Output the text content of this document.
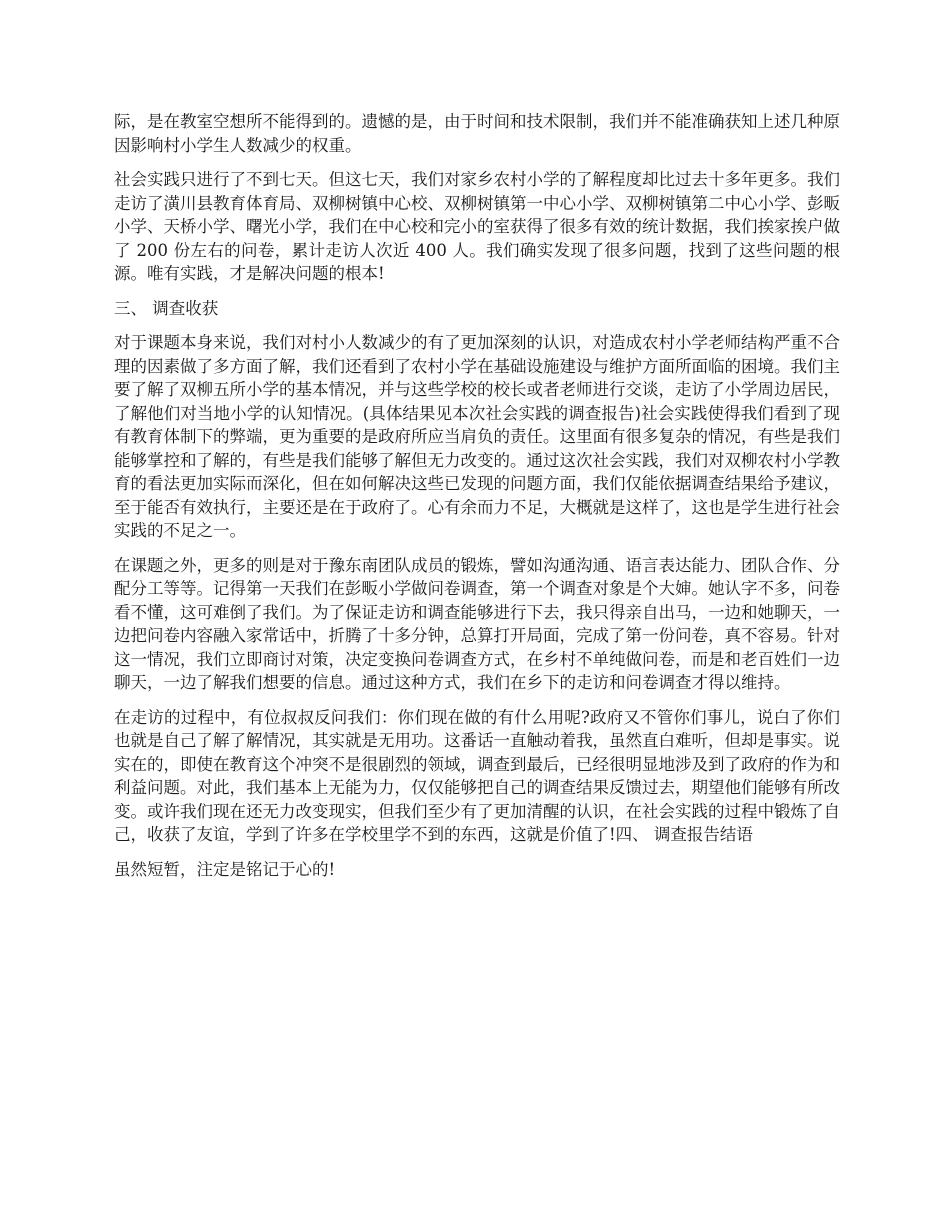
际，是在教室空想所不能得到的。遗憾的是，由于时间和技术限制，我们并不能准确获知上述几种原因影响村小学生人数减少的权重。

社会实践只进行了不到七天。但这七天，我们对家乡农村小学的了解程度却比过去十多年更多。我们走访了潢川县教育体育局、双柳树镇中心校、双柳树镇第一中心小学、双柳树镇第二中心小学、彭畈小学、天桥小学、曙光小学，我们在中心校和完小的室获得了很多有效的统计数据，我们挨家挨户做了 200 份左右的问卷，累计走访人次近 400 人。我们确实发现了很多问题，找到了这些问题的根源。唯有实践，才是解决问题的根本!

三、 调查收获

对于课题本身来说，我们对村小人数减少的有了更加深刻的认识，对造成农村小学老师结构严重不合理的因素做了多方面了解，我们还看到了农村小学在基础设施建设与维护方面所面临的困境。我们主要了解了双柳五所小学的基本情况，并与这些学校的校长或者老师进行交谈，走访了小学周边居民，了解他们对当地小学的认知情况。(具体结果见本次社会实践的调查报告)社会实践使得我们看到了现有教育体制下的弊端，更为重要的是政府所应当肩负的责任。这里面有很多复杂的情况，有些是我们能够掌控和了解的，有些是我们能够了解但无力改变的。通过这次社会实践，我们对双柳农村小学教育的看法更加实际而深化，但在如何解决这些已发现的问题方面，我们仅能依据调查结果给予建议，至于能否有效执行，主要还是在于政府了。心有余而力不足，大概就是这样了，这也是学生进行社会实践的不足之一。

在课题之外，更多的则是对于豫东南团队成员的锻炼，譬如沟通沟通、语言表达能力、团队合作、分配分工等等。记得第一天我们在彭畈小学做问卷调查，第一个调查对象是个大婶。她认字不多，问卷看不懂，这可难倒了我们。为了保证走访和调查能够进行下去，我只得亲自出马，一边和她聊天，一边把问卷内容融入家常话中，折腾了十多分钟，总算打开局面，完成了第一份问卷，真不容易。针对这一情况，我们立即商讨对策，决定变换问卷调查方式，在乡村不单纯做问卷，而是和老百姓们一边聊天，一边了解我们想要的信息。通过这种方式，我们在乡下的走访和问卷调查才得以维持。

在走访的过程中，有位叔叔反问我们：你们现在做的有什么用呢?政府又不管你们事儿，说白了你们也就是自己了解了解情况，其实就是无用功。这番话一直触动着我，虽然直白难听，但却是事实。说实在的，即使在教育这个冲突不是很剧烈的领域，调查到最后，已经很明显地涉及到了政府的作为和利益问题。对此，我们基本上无能为力，仅仅能够把自己的调查结果反馈过去，期望他们能够有所改变。或许我们现在还无力改变现实，但我们至少有了更加清醒的认识，在社会实践的过程中锻炼了自己，收获了友谊，学到了许多在学校里学不到的东西，这就是价值了!四、 调查报告结语

虽然短暂，注定是铭记于心的!
